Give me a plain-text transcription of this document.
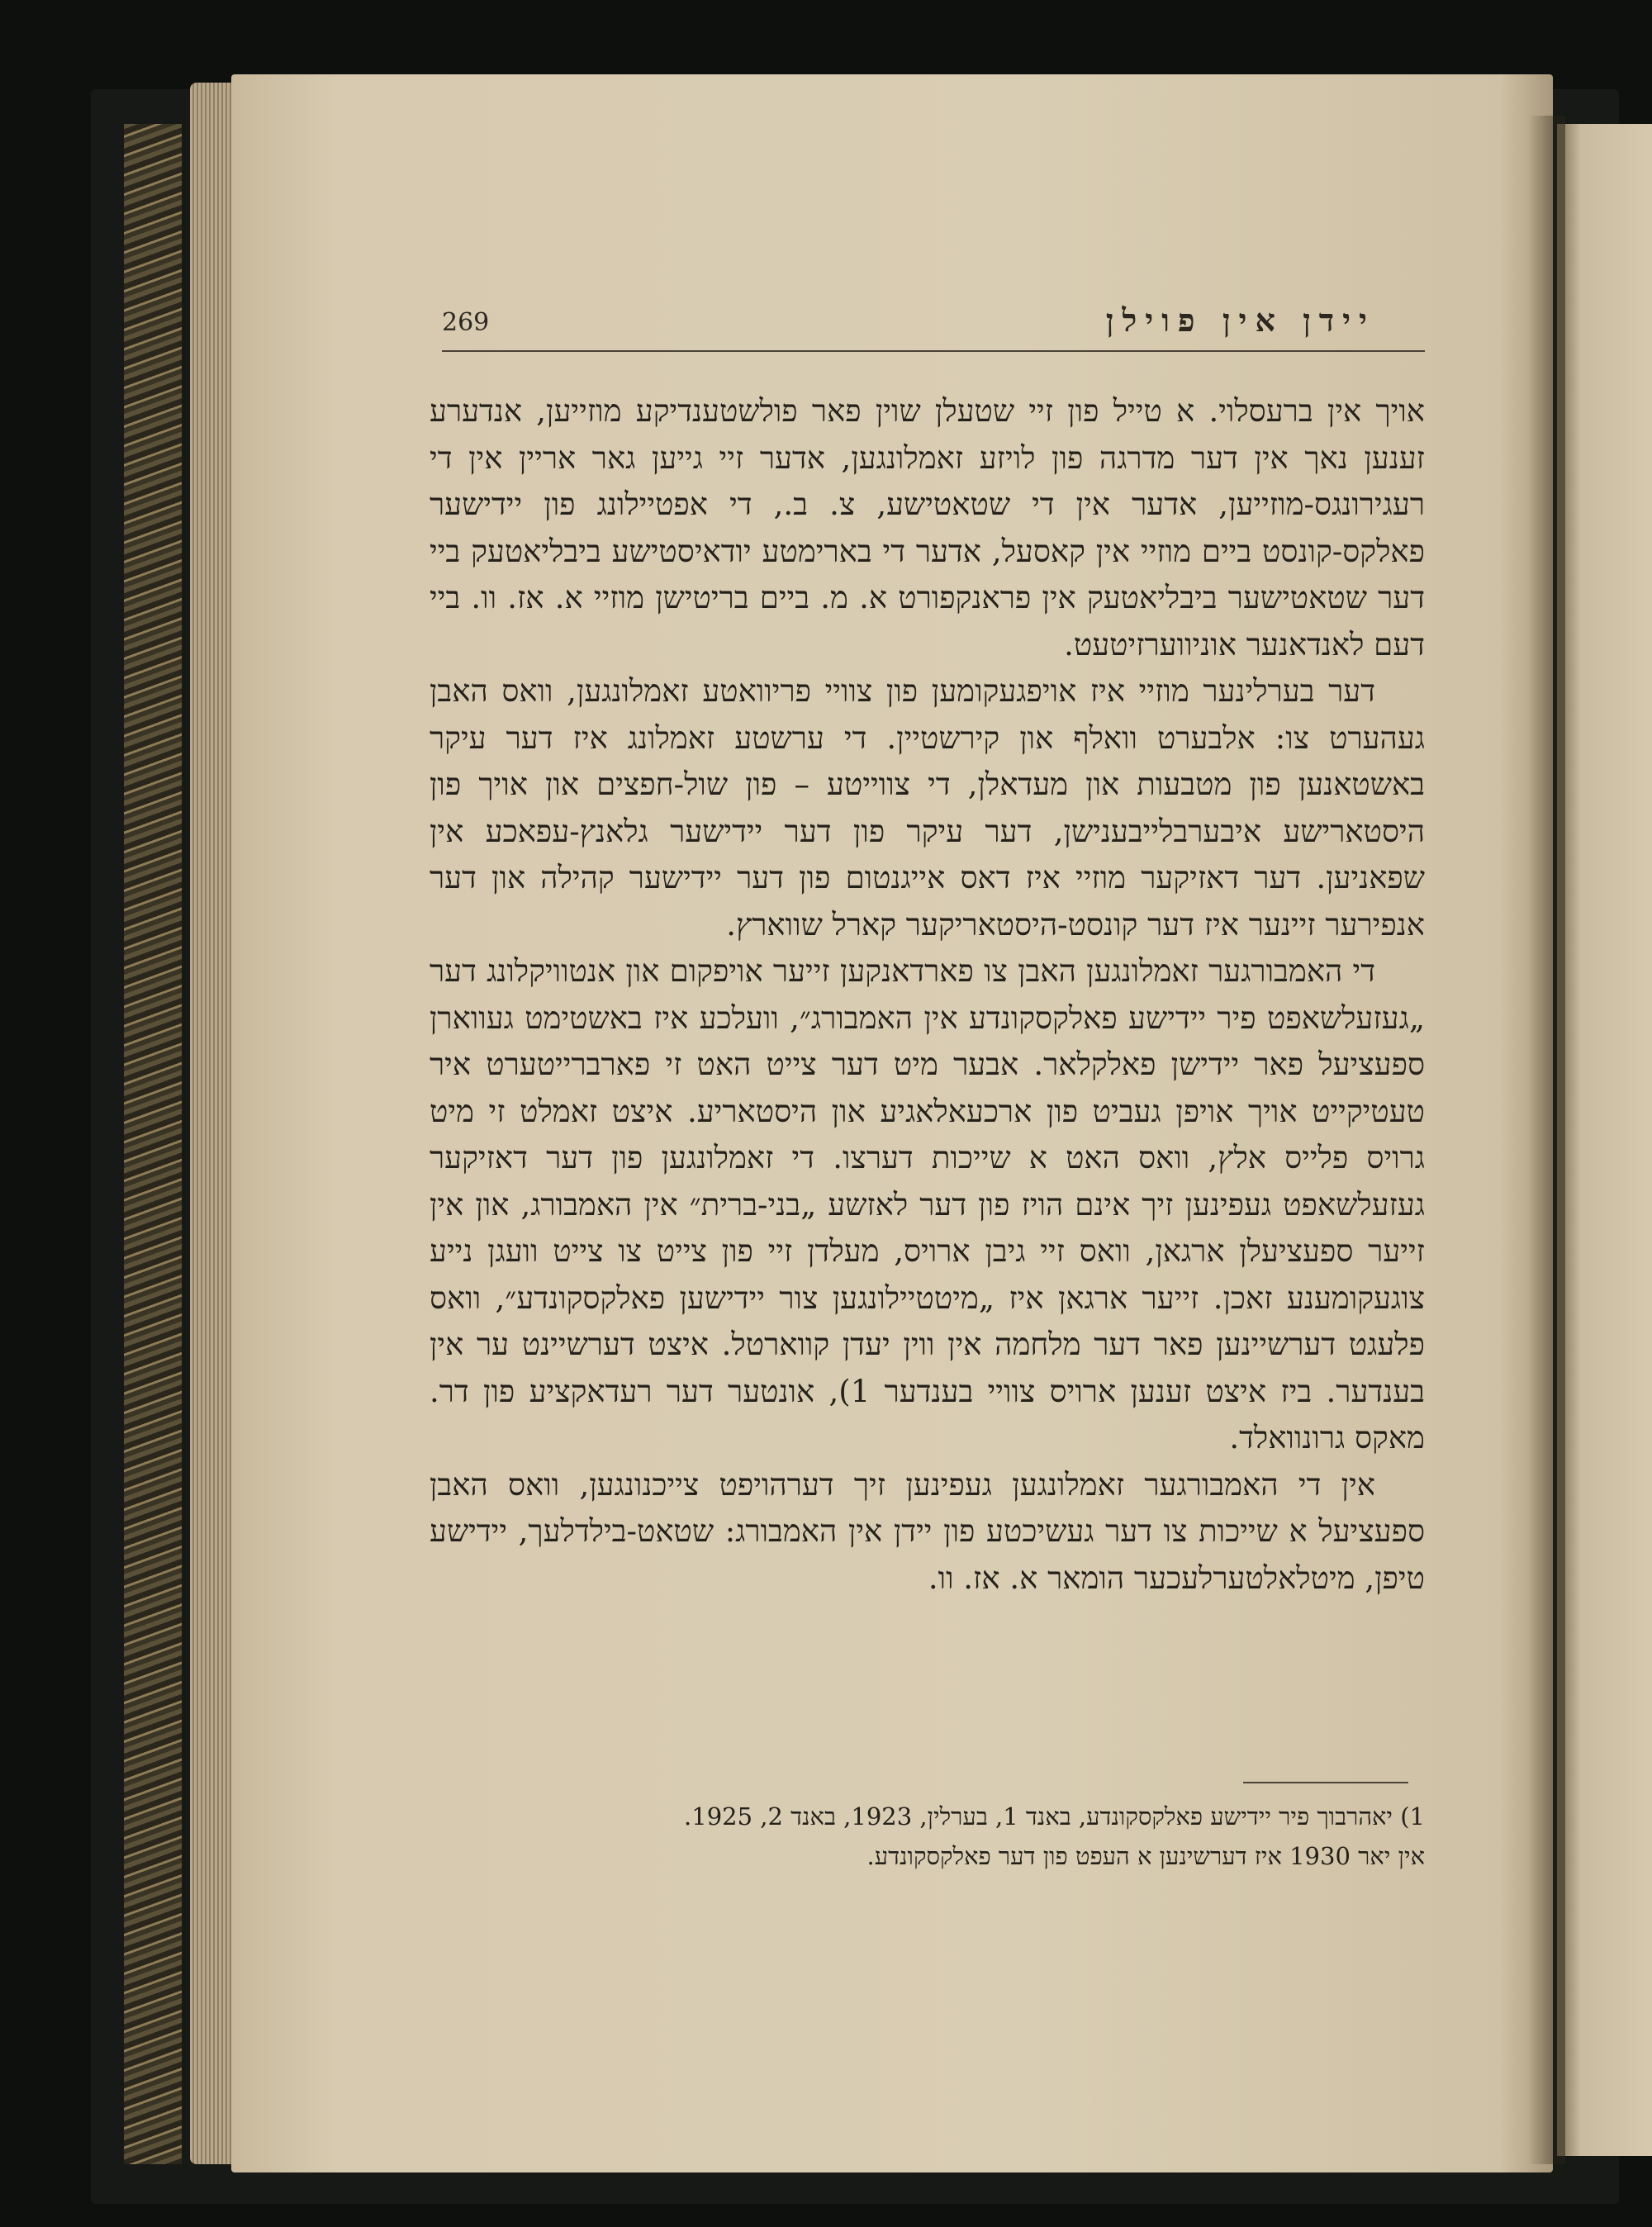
269	יידן אין פוילן

אויך אין ברעסלוי. א טייל פון זיי שטעלן שוין פאר פולשטענדיקע מוזייען, אנדערע זענען נאך אין דער מדרגה פון לויזע זאמלונגען, אדער זיי גייען גאר אריין אין די רעגירונגס-מוזייען, אדער אין די שטאטישע, צ. ב., די אפטיילונג פון יידישער פאלקס-קונסט ביים מוזיי אין קאסעל, אדער די בארימטע יודאיסטישע ביבליאטעק ביי דער שטאטישער ביבליאטעק אין פראנקפורט א. מ. ביים בריטישן מוזיי א. אז. וו. ביי דעם לאנדאנער אוניווערזיטעט.

דער בערלינער מוזיי איז אויפגעקומען פון צוויי פריוואטע זאמלונגען, וואס האבן געהערט צו: אלבערט וואלף און קירשטיין. די ערשטע זאמלונג איז דער עיקר באשטאנען פון מטבעות און מעדאלן, די צווייטע – פון שול-חפצים און אויך פון היסטארישע איבערבלייבענישן, דער עיקר פון דער יידישער גלאנץ-עפאכע אין שפאניען. דער דאזיקער מוזיי איז דאס אייגנטום פון דער יידישער קהילה און דער אנפירער זיינער איז דער קונסט-היסטאריקער קארל שווארץ.

די האמבורגער זאמלונגען האבן צו פארדאנקען זייער אויפקום און אנטוויקלונג דער „געזעלשאפט פיר יידישע פאלקסקונדע אין האמבורג״, וועלכע איז באשטימט געווארן ספעציעל פאר יידישן פאלקלאר. אבער מיט דער צייט האט זי פארברייטערט איר טעטיקייט אויך אויפן געביט פון ארכעאלאגיע און היסטאריע. איצט זאמלט זי מיט גרויס פלייס אלץ, וואס האט א שייכות דערצו. די זאמלונגען פון דער דאזיקער געזעלשאפט געפינען זיך אינם הויז פון דער לאזשע „בני-ברית״ אין האמבורג, און אין זייער ספעציעלן ארגאן, וואס זיי גיבן ארויס, מעלדן זיי פון צייט צו צייט וועגן נייע צוגעקומענע זאכן. זייער ארגאן איז „מיטטיילונגען צור יידישען פאלקסקונדע״, וואס פלעגט דערשיינען פאר דער מלחמה אין ווין יעדן קווארטל. איצט דערשיינט ער אין בענדער. ביז איצט זענען ארויס צוויי בענדער 1), אונטער דער רעדאקציע פון דר. מאקס גרונוואלד.

אין די האמבורגער זאמלונגען געפינען זיך דערהויפט צייכנונגען, וואס האבן ספעציעל א שייכות צו דער געשיכטע פון יידן אין האמבורג: שטאט-בילדלעך, יידישע טיפן, מיטלאלטערלעכער הומאר א. אז. וו.

1) יאהרבוך פיר יידישע פאלקסקונדע, באנד 1, בערלין, 1923, באנד 2, 1925.

אין יאר 1930 איז דערשינען א העפט פון דער פאלקסקונדע.
